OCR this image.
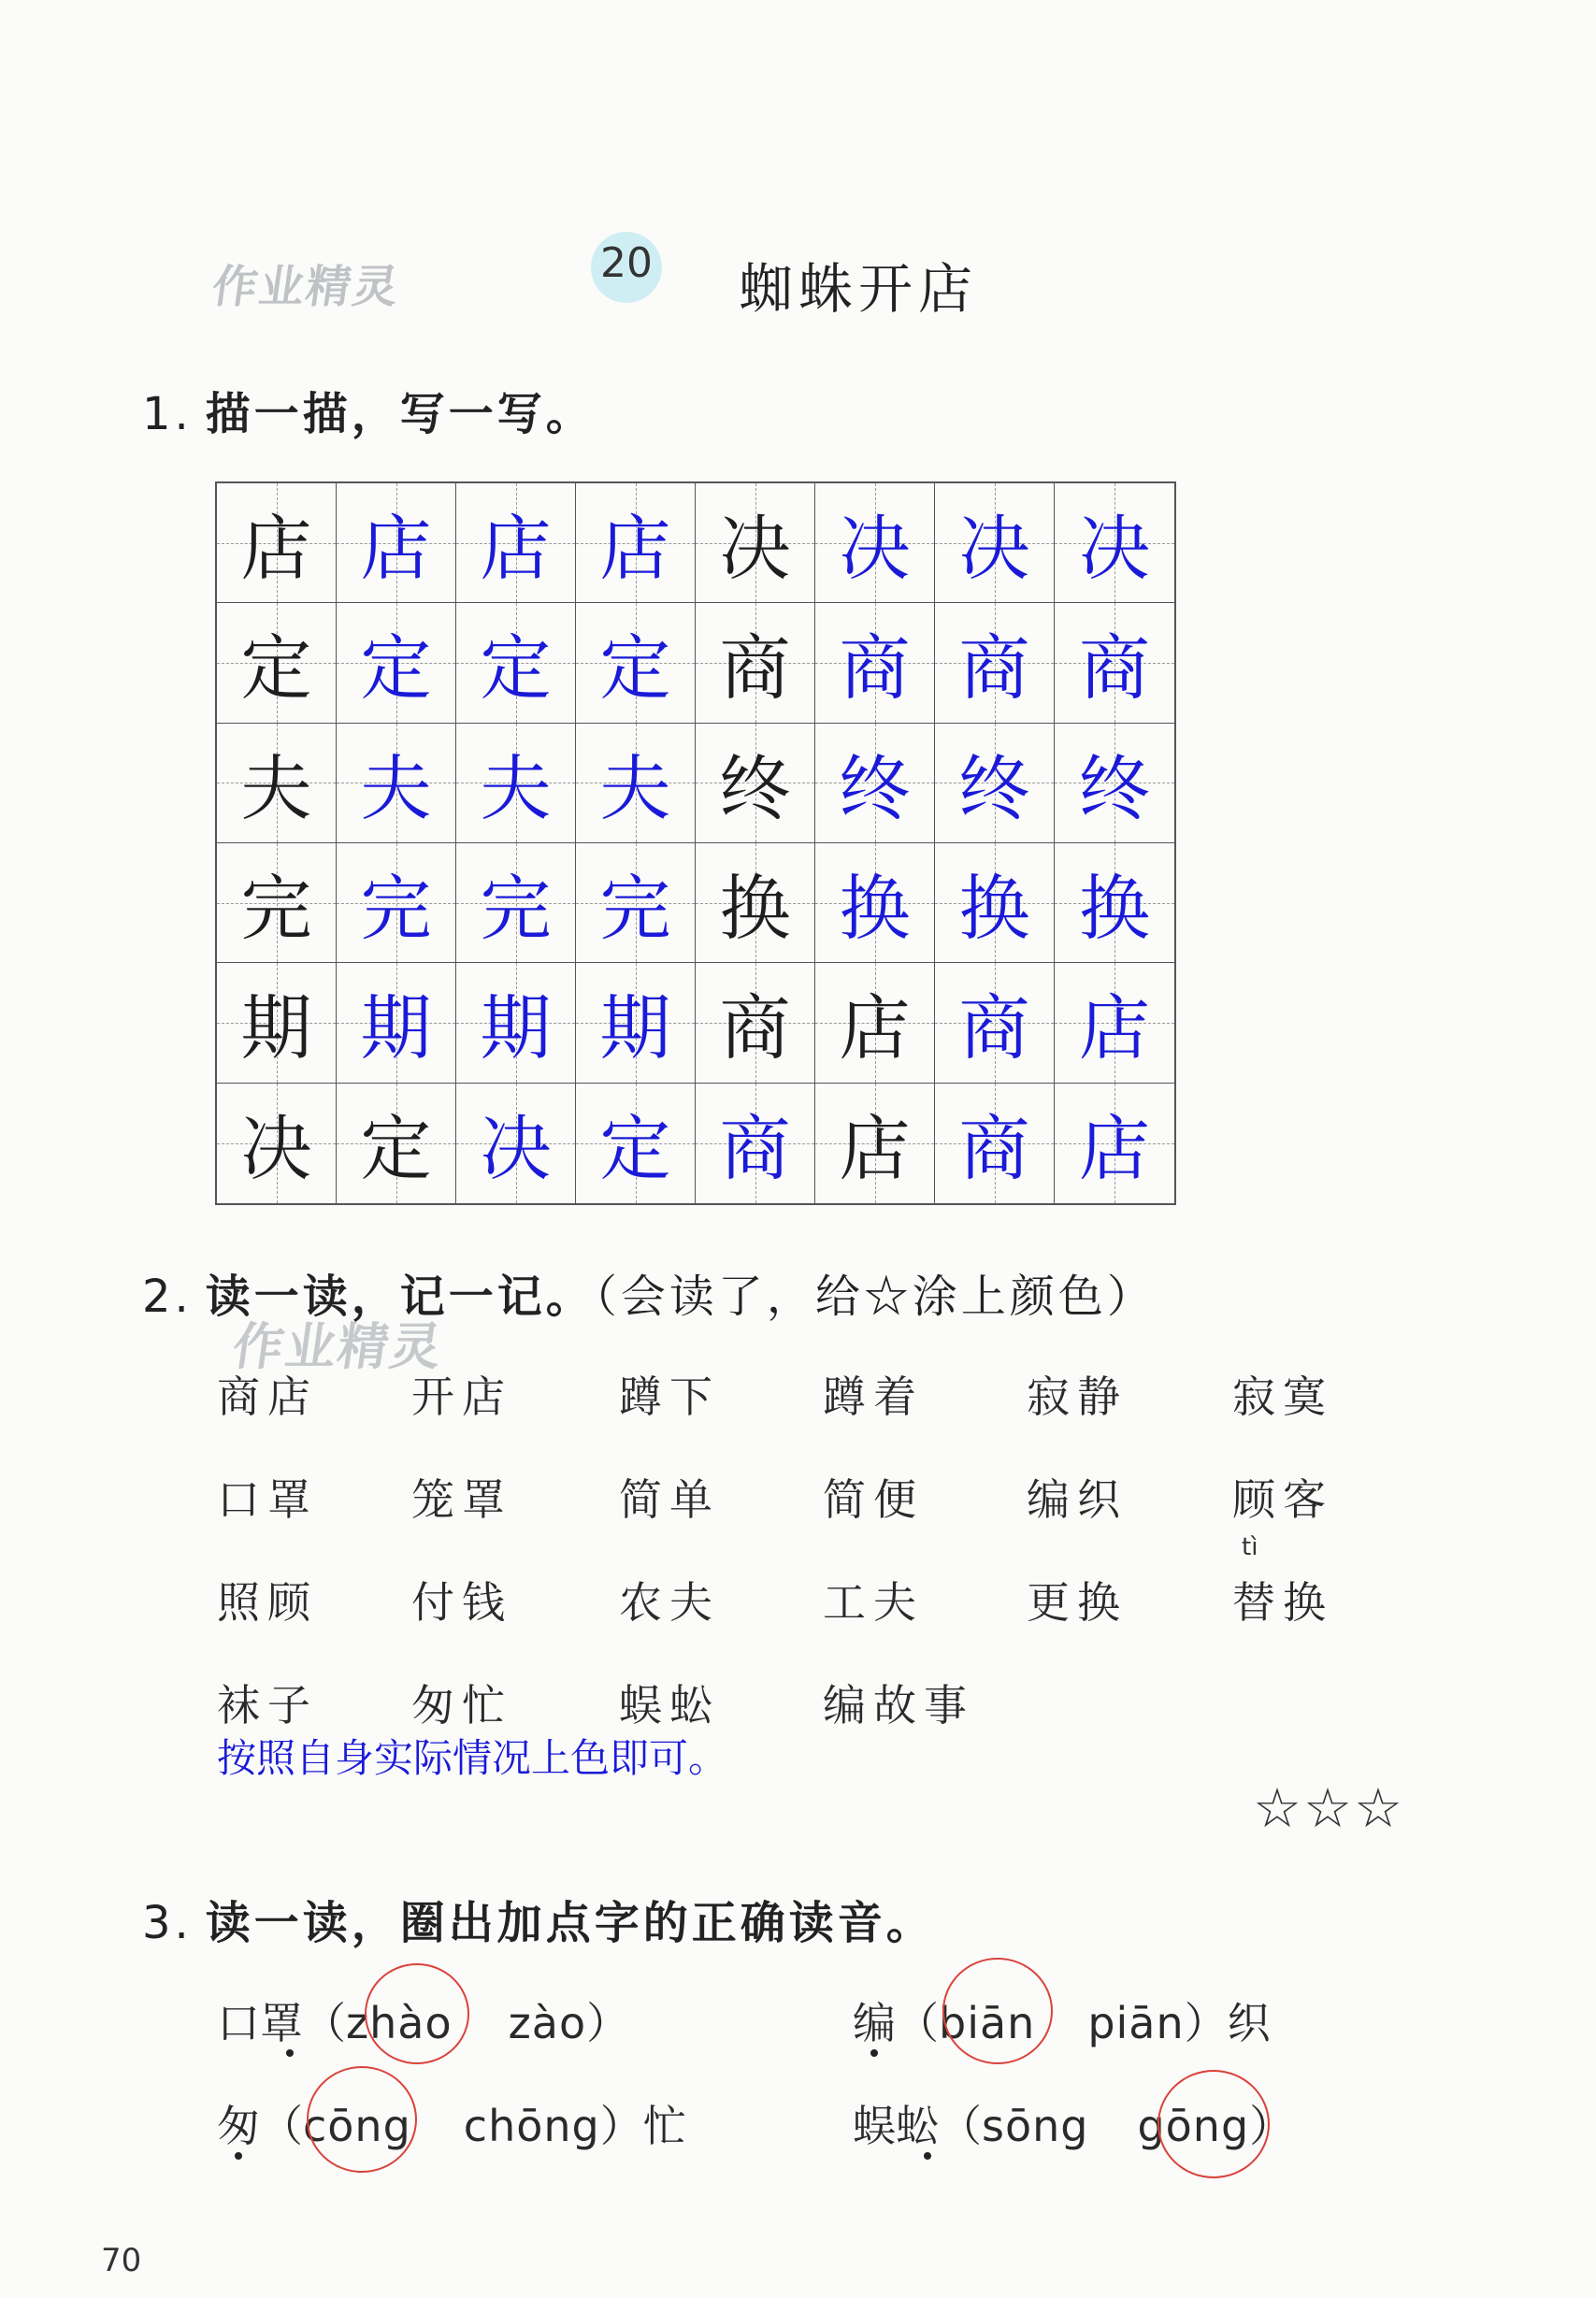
作业精灵	20 蜘蛛开店
1. 描一描，写一写。
店 店 店 店 决 决 决 决
定 定 定 定 商 商 商 商
夫 夫 夫 夫 终 终 终 终
完 完 完 完 换 换 换 换
期 期 期 期 商 店 商 店
决 定 决 定 商 店 商 店
2. 读一读，记一记。（会读了，给☆涂上颜色）
作业精灵
商店 开店 蹲下 蹲着 寂静 寂寞
口罩 笼罩 简单 简便 编织 顾客
照顾 付钱 农夫 工夫 更换 替换
袜子 匆忙 蜈蚣 编故事
tì
按照自身实际情况上色即可。
☆☆☆
3. 读一读，圈出加点字的正确读音。
口罩（zhào zào）	编（biān piān）织
匆（cōng chōng）忙	蜈蚣（sōng gōng）
70
